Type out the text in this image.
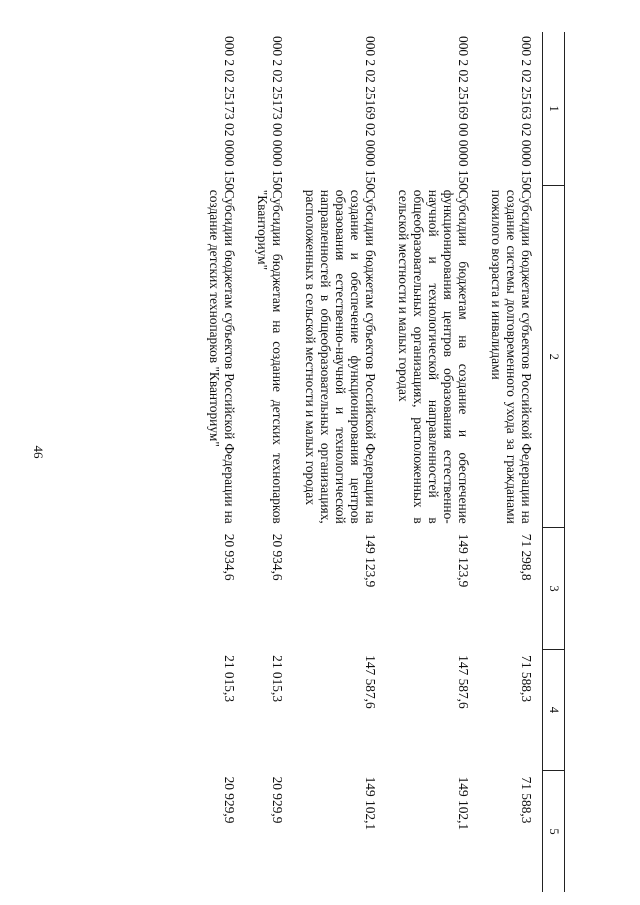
46
1	2	3	4	5
000 2 02 25163 02 0000 150	Субсидии бюджетам субъектов Российской Федерации на создание системы долговременного ухода за гражданами пожилого возраста и инвалидами	71 298,8	71 588,3	71 588,3
000 2 02 25169 00 0000 150	Субсидии бюджетам на создание и обеспечение функционирования центров образования естественно-научной и технологической направленностей в общеобразовательных организациях, расположенных в сельской местности и малых городах	149 123,9	147 587,6	149 102,1
000 2 02 25169 02 0000 150	Субсидии бюджетам субъектов Российской Федерации на создание и обеспечение функционирования центров образования естественно-научной и технологической направленностей в общеобразовательных организациях, расположенных в сельской местности и малых городах	149 123,9	147 587,6	149 102,1
000 2 02 25173 00 0000 150	Субсидии бюджетам на создание детских технопарков "Кванториум"	20 934,6	21 015,3	20 929,9
000 2 02 25173 02 0000 150	Субсидии бюджетам субъектов Российской Федерации на создание детских технопарков "Кванториум"	20 934,6	21 015,3	20 929,9
